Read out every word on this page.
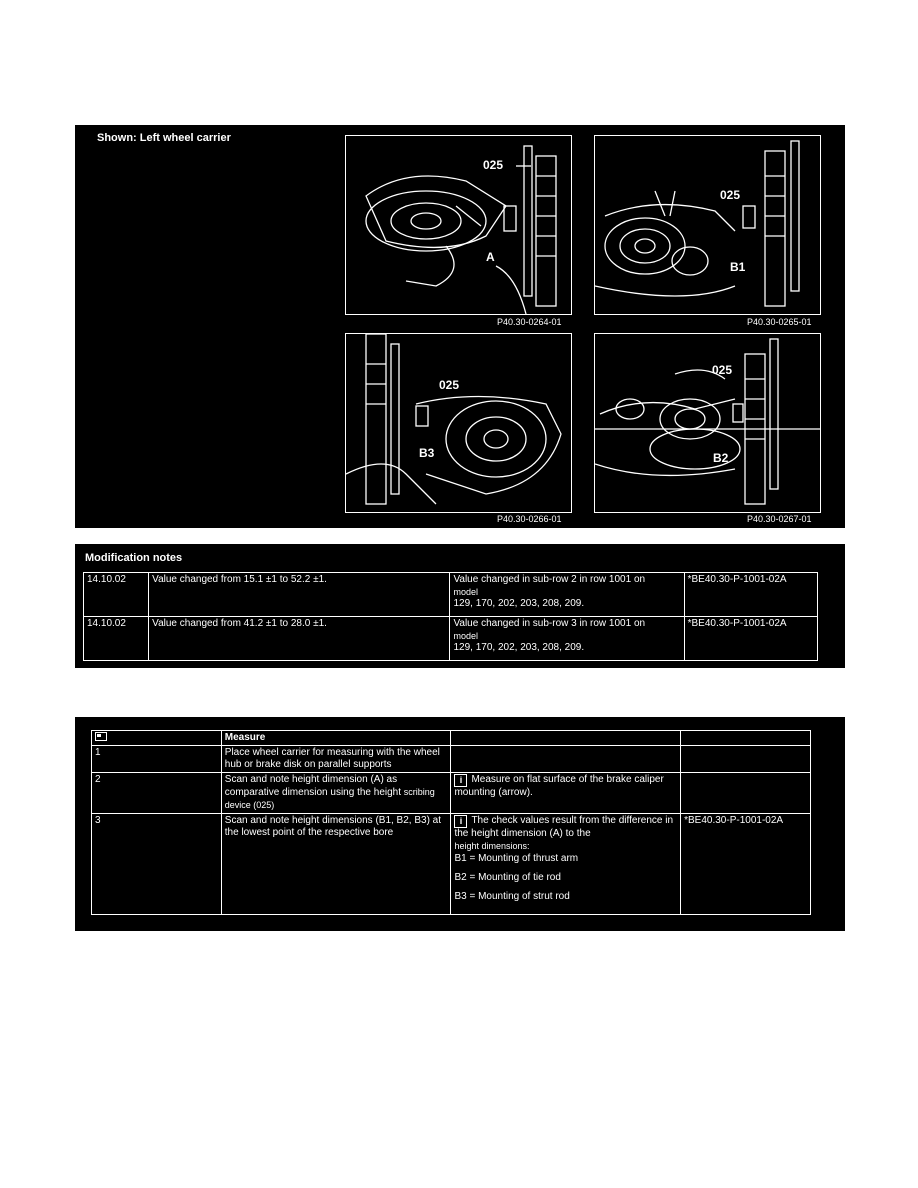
Shown: Left wheel carrier
025
A
P40.30-0264-01
025
B1
P40.30-0265-01
025
B3
P40.30-0266-01
025
B2
P40.30-0267-01
Modification notes
14.10.02	Value changed from 15.1 ±1 to 52.2 ±1.	Value changed in sub-row 2 in row 1001 on
model
129, 170, 202, 203, 208, 209.	*BE40.30-P-1001-02A
14.10.02	Value changed from 41.2 ±1 to 28.0 ±1.	Value changed in sub-row 3 in row 1001 on
model
129, 170, 202, 203, 208, 209.	*BE40.30-P-1001-02A
	Measure		
1	Place wheel carrier for measuring with the wheel hub or brake disk on parallel supports		
2	Scan and note height dimension (A) as comparative dimension using the height scribing device (025)	i Measure on flat surface of the brake caliper mounting (arrow).	
3	Scan and note height dimensions (B1, B2, B3) at the lowest point of the respective bore	i The check values result from the difference in the height dimension (A) to the
height dimensions:
B1 = Mounting of thrust arm
B2 = Mounting of tie rod
B3 = Mounting of strut rod	*BE40.30-P-1001-02A
